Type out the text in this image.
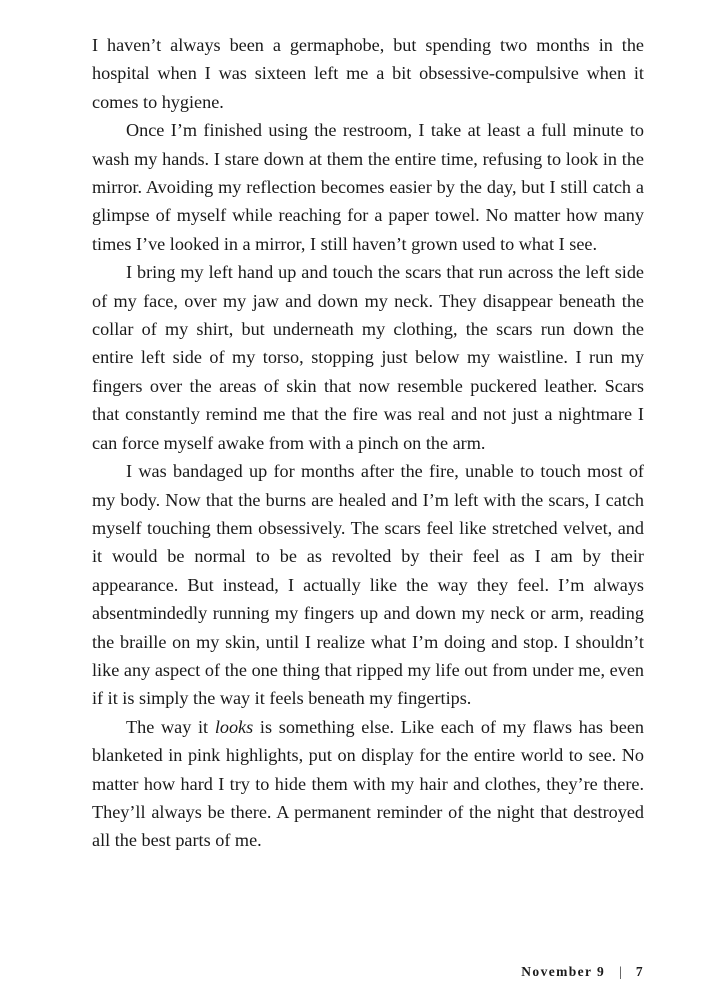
I haven’t always been a germaphobe, but spending two months in the hospital when I was sixteen left me a bit obsessive-compulsive when it comes to hygiene.

Once I’m finished using the restroom, I take at least a full minute to wash my hands. I stare down at them the entire time, refusing to look in the mirror. Avoiding my reflection becomes easier by the day, but I still catch a glimpse of myself while reaching for a paper towel. No matter how many times I’ve looked in a mirror, I still haven’t grown used to what I see.

I bring my left hand up and touch the scars that run across the left side of my face, over my jaw and down my neck. They disappear beneath the collar of my shirt, but underneath my clothing, the scars run down the entire left side of my torso, stopping just below my waistline. I run my fingers over the areas of skin that now resemble puckered leather. Scars that constantly remind me that the fire was real and not just a nightmare I can force myself awake from with a pinch on the arm.

I was bandaged up for months after the fire, unable to touch most of my body. Now that the burns are healed and I’m left with the scars, I catch myself touching them obsessively. The scars feel like stretched velvet, and it would be normal to be as revolted by their feel as I am by their appearance. But instead, I actually like the way they feel. I’m always absentmindedly running my fingers up and down my neck or arm, reading the braille on my skin, until I realize what I’m doing and stop. I shouldn’t like any aspect of the one thing that ripped my life out from under me, even if it is simply the way it feels beneath my fingertips.

The way it looks is something else. Like each of my flaws has been blanketed in pink highlights, put on display for the entire world to see. No matter how hard I try to hide them with my hair and clothes, they’re there. They’ll always be there. A permanent reminder of the night that destroyed all the best parts of me.

November 9 | 7
